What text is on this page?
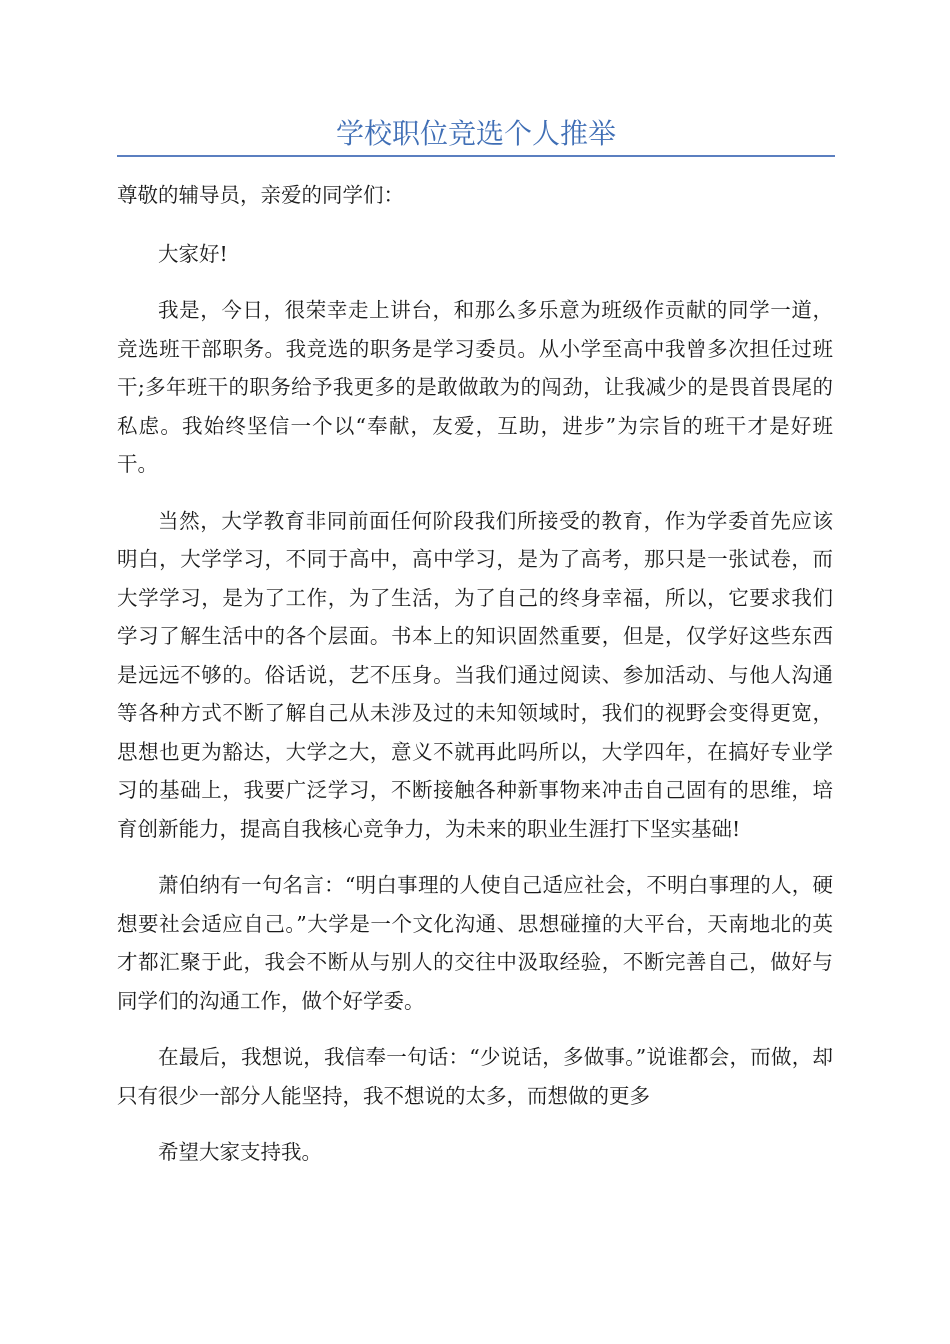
学校职位竞选个人推举

尊敬的辅导员，亲爱的同学们：

大家好!

我是，今日，很荣幸走上讲台，和那么多乐意为班级作贡献的同学一道，竞选班干部职务。我竞选的职务是学习委员。从小学至高中我曾多次担任过班干;多年班干的职务给予我更多的是敢做敢为的闯劲，让我减少的是畏首畏尾的私虑。我始终坚信一个以“奉献，友爱，互助，进步”为宗旨的班干才是好班干。

当然，大学教育非同前面任何阶段我们所接受的教育，作为学委首先应该明白，大学学习，不同于高中，高中学习，是为了高考，那只是一张试卷，而大学学习，是为了工作，为了生活，为了自己的终身幸福，所以，它要求我们学习了解生活中的各个层面。书本上的知识固然重要，但是，仅学好这些东西是远远不够的。俗话说，艺不压身。当我们通过阅读、参加活动、与他人沟通等各种方式不断了解自己从未涉及过的未知领域时，我们的视野会变得更宽，思想也更为豁达，大学之大，意义不就再此吗所以，大学四年，在搞好专业学习的基础上，我要广泛学习，不断接触各种新事物来冲击自己固有的思维，培育创新能力，提高自我核心竞争力，为未来的职业生涯打下坚实基础!

萧伯纳有一句名言：“明白事理的人使自己适应社会，不明白事理的人，硬想要社会适应自己。”大学是一个文化沟通、思想碰撞的大平台，天南地北的英才都汇聚于此，我会不断从与别人的交往中汲取经验，不断完善自己，做好与同学们的沟通工作，做个好学委。

在最后，我想说，我信奉一句话：“少说话，多做事。”说谁都会，而做，却只有很少一部分人能坚持，我不想说的太多，而想做的更多

希望大家支持我。
